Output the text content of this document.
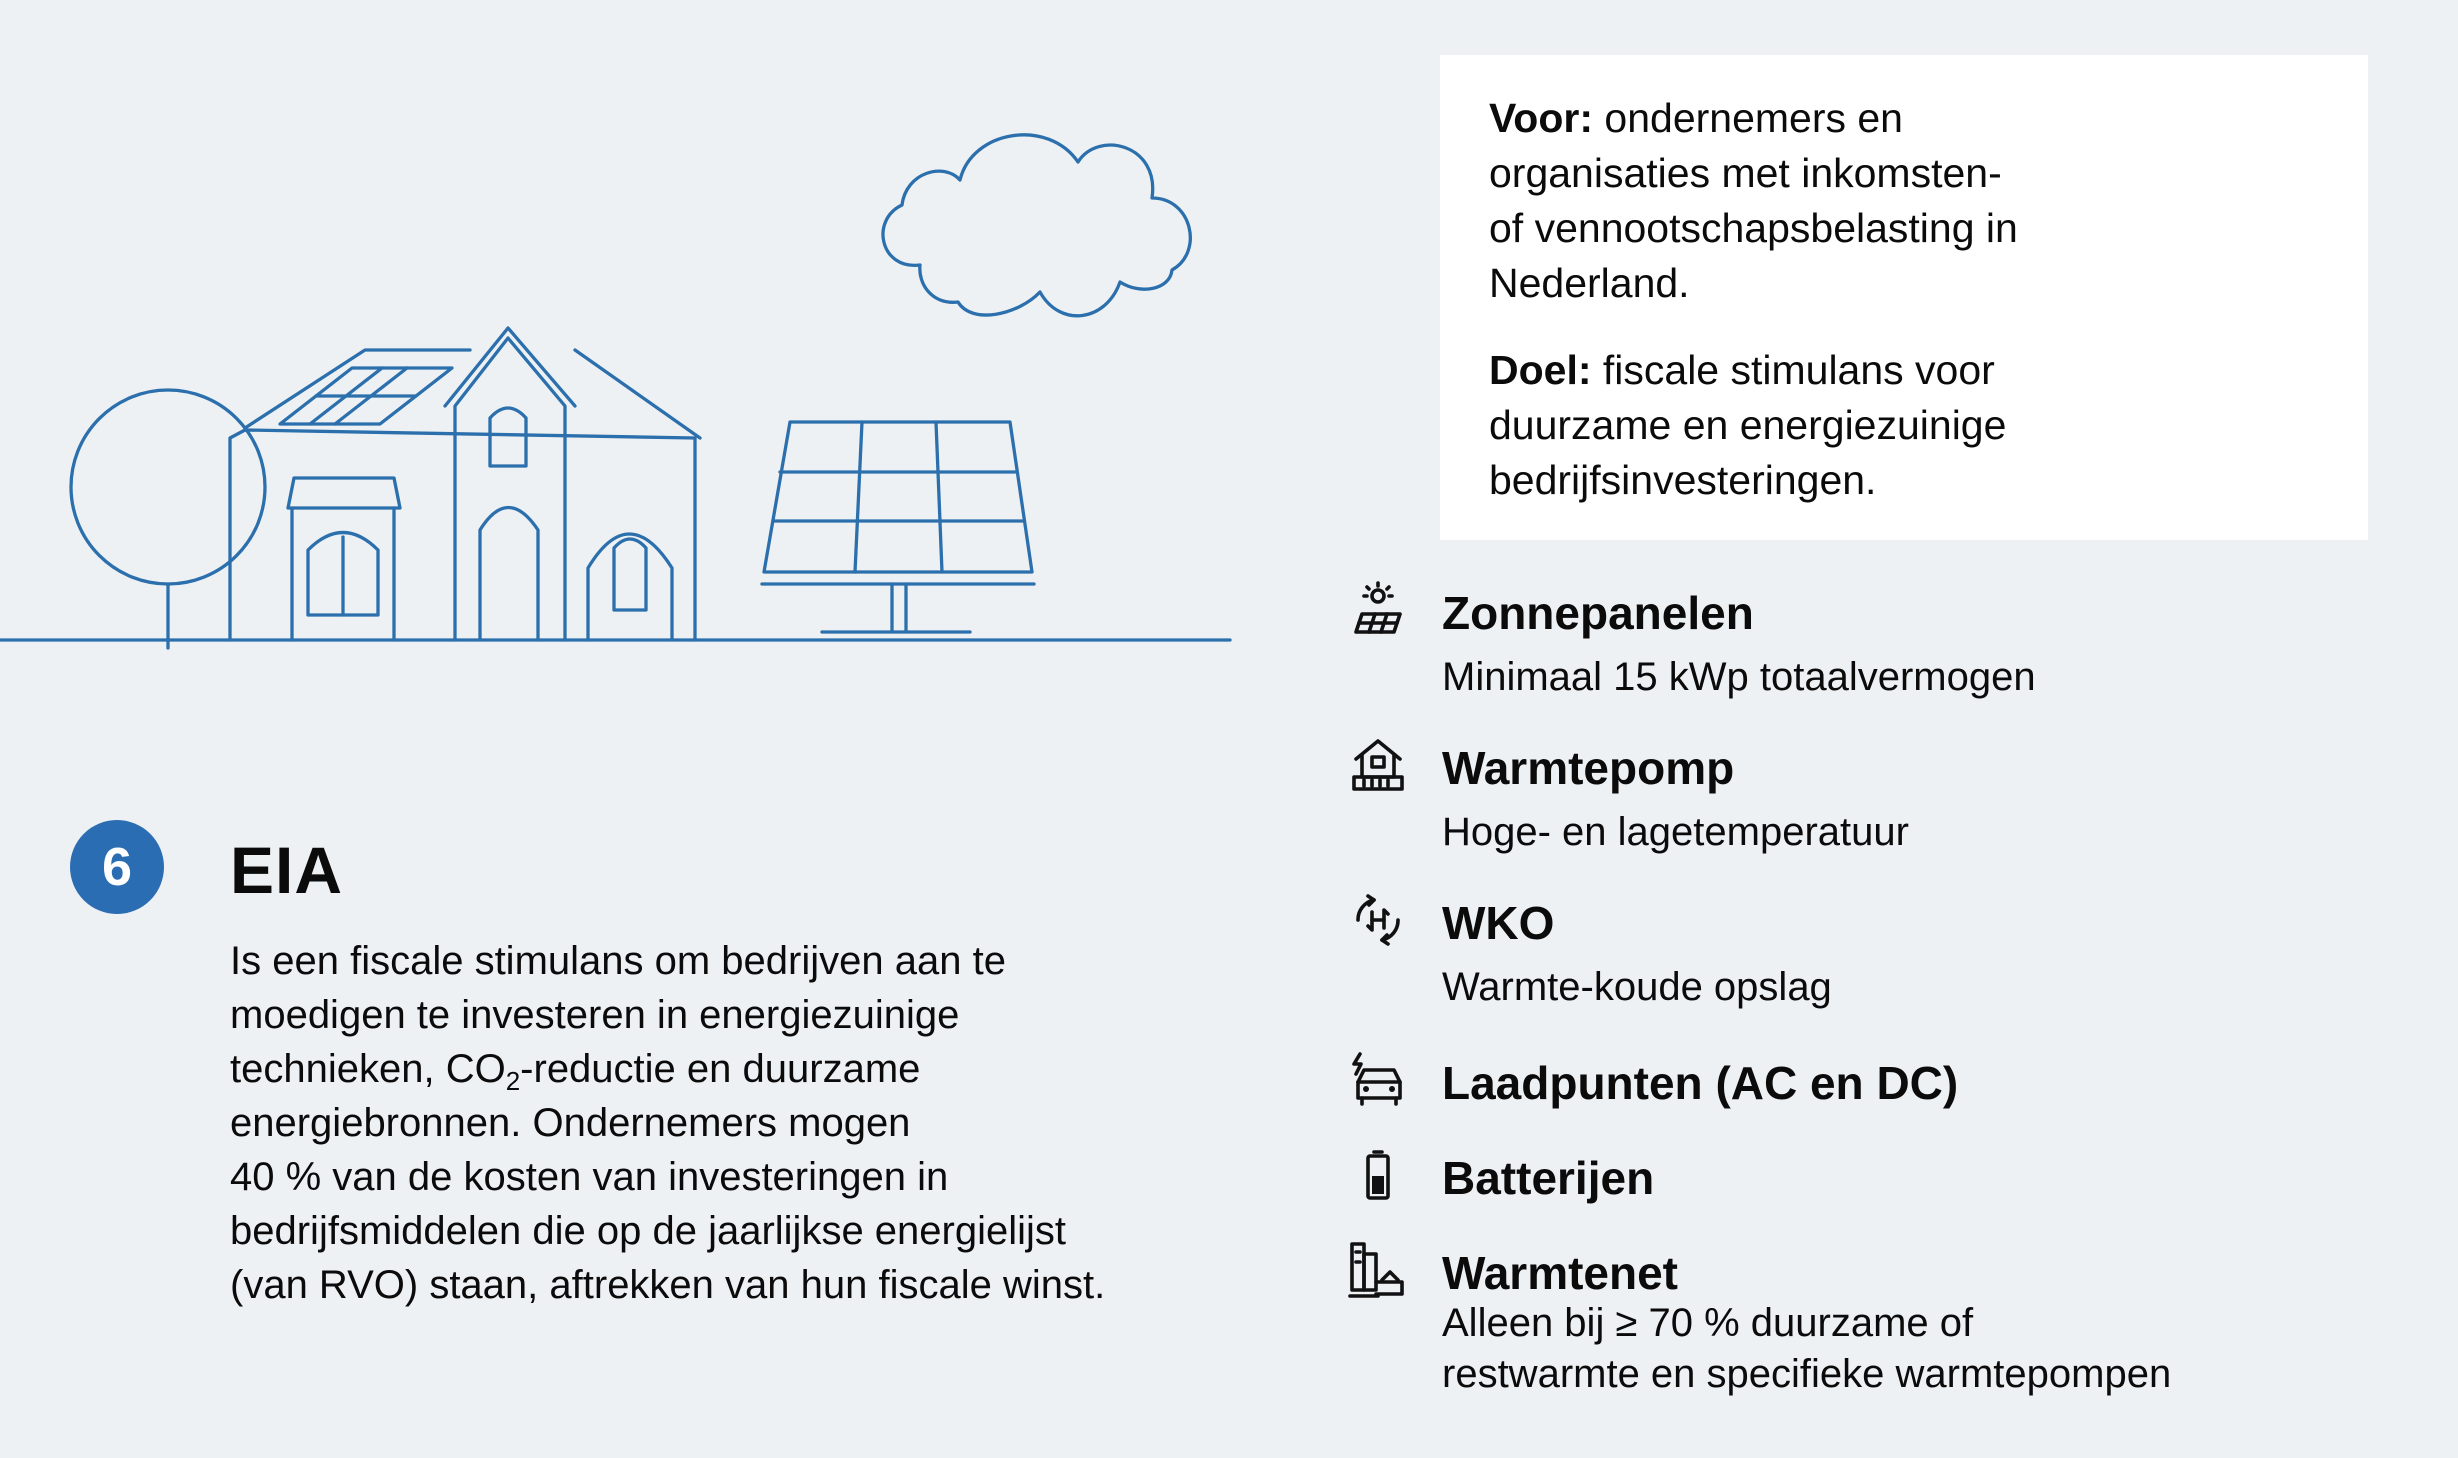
6	EIA
Is een fiscale stimulans om bedrijven aan te
moedigen te investeren in energiezuinige
technieken, $CO_2$-reductie en duurzame
energiebronnen. Ondernemers mogen
40 % van de kosten van investeringen in
bedrijfsmiddelen die op de jaarlijkse energielijst
(van RVO) staan, aftrekken van hun fiscale winst.
Voor: ondernemers en
organisaties met inkomsten-
of vennootschapsbelasting in
Nederland.
Doel: fiscale stimulans voor
duurzame en energiezuinige
bedrijfsinvesteringen.
Zonnepanelen
Minimaal 15 kWp totaalvermogen
Warmtepomp
Hoge- en lagetemperatuur
WKO
Warmte-koude opslag
Laadpunten (AC en DC)
Batterijen
Warmtenet
Alleen bij ≥ 70 % duurzame of
restwarmte en specifieke warmtepompen
